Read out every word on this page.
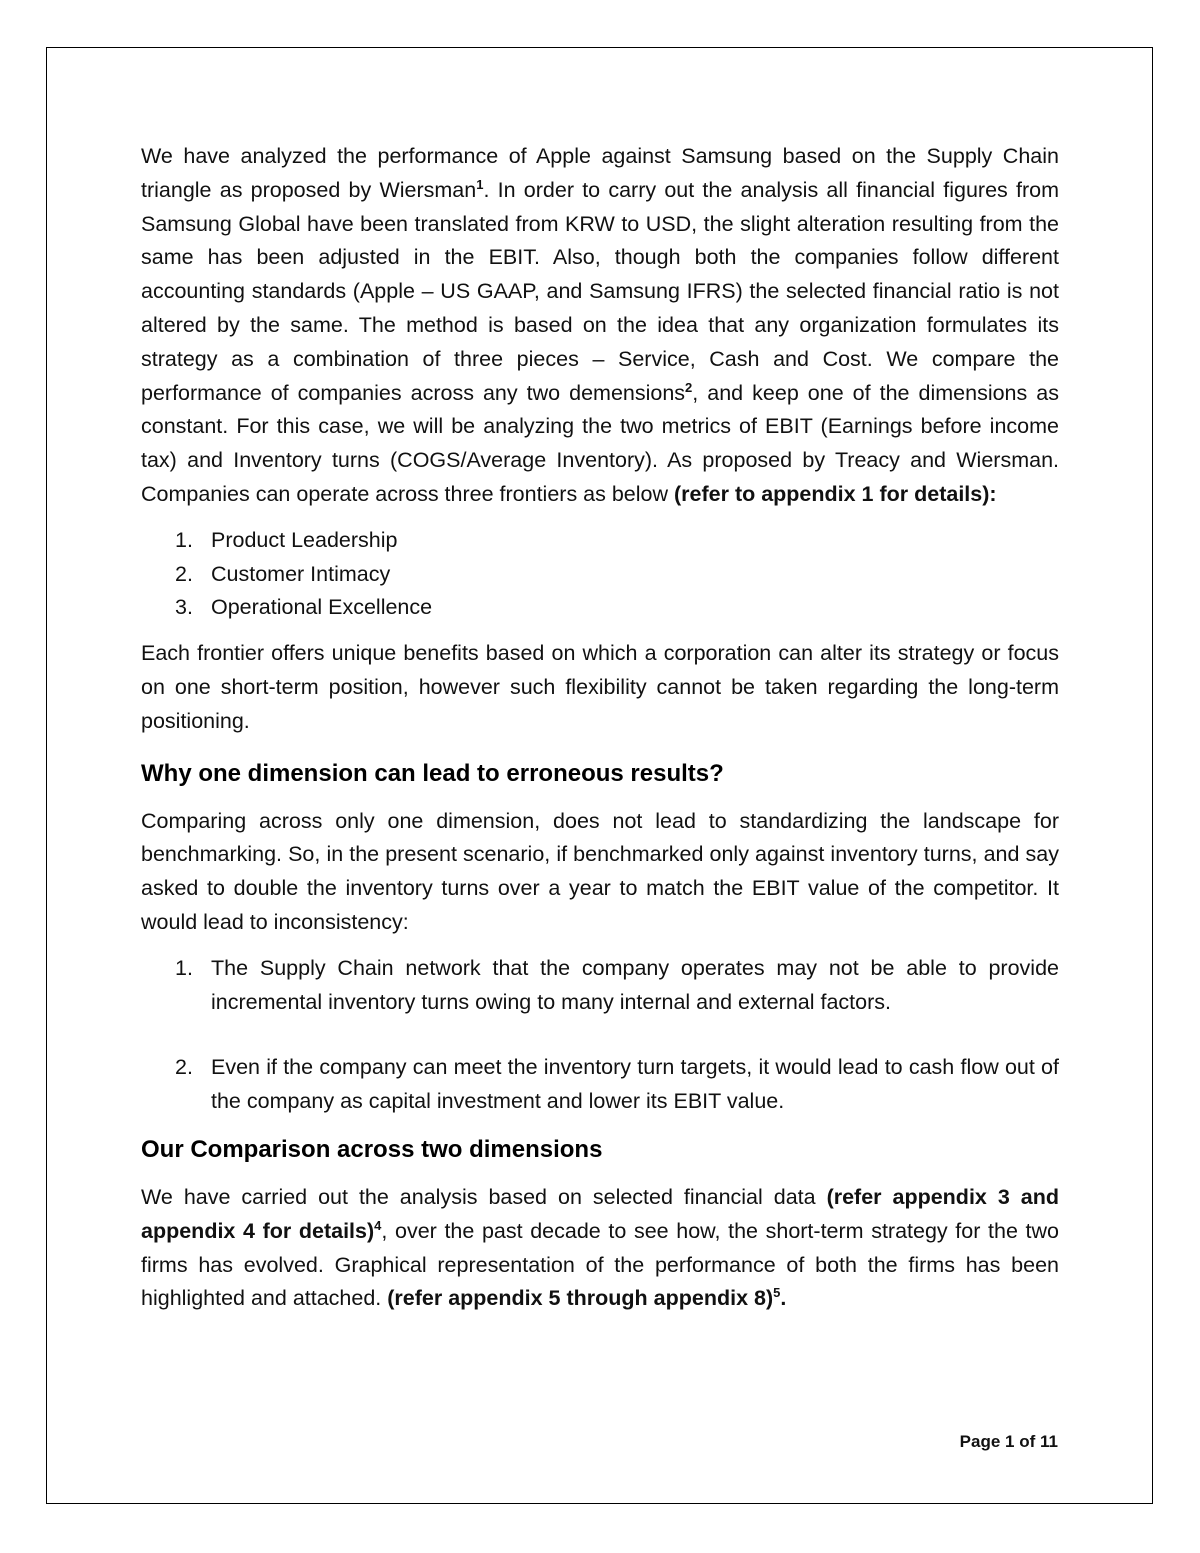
We have analyzed the performance of Apple against Samsung based on the Supply Chain triangle as proposed by Wiersman$^1$. In order to carry out the analysis all financial figures from Samsung Global have been translated from KRW to USD, the slight alteration resulting from the same has been adjusted in the EBIT. Also, though both the companies follow different accounting standards (Apple – US GAAP, and Samsung IFRS) the selected financial ratio is not altered by the same. The method is based on the idea that any organization formulates its strategy as a combination of three pieces – Service, Cash and Cost. We compare the performance of companies across any two demensions$^2$, and keep one of the dimensions as constant. For this case, we will be analyzing the two metrics of EBIT (Earnings before income tax) and Inventory turns (COGS/Average Inventory). As proposed by Treacy and Wiersman. Companies can operate across three frontiers as below (refer to appendix 1 for details):

1. Product Leadership
2. Customer Intimacy
3. Operational Excellence

Each frontier offers unique benefits based on which a corporation can alter its strategy or focus on one short-term position, however such flexibility cannot be taken regarding the long-term positioning.

Why one dimension can lead to erroneous results?

Comparing across only one dimension, does not lead to standardizing the landscape for benchmarking. So, in the present scenario, if benchmarked only against inventory turns, and say asked to double the inventory turns over a year to match the EBIT value of the competitor. It would lead to inconsistency:

1. The Supply Chain network that the company operates may not be able to provide incremental inventory turns owing to many internal and external factors.
2. Even if the company can meet the inventory turn targets, it would lead to cash flow out of the company as capital investment and lower its EBIT value.
Our Comparison across two dimensions

We have carried out the analysis based on selected financial data (refer appendix 3 and appendix 4 for details)$^4$, over the past decade to see how, the short-term strategy for the two firms has evolved. Graphical representation of the performance of both the firms has been highlighted and attached. (refer appendix 5 through appendix 8)$^5$.

Page 1 of 11
